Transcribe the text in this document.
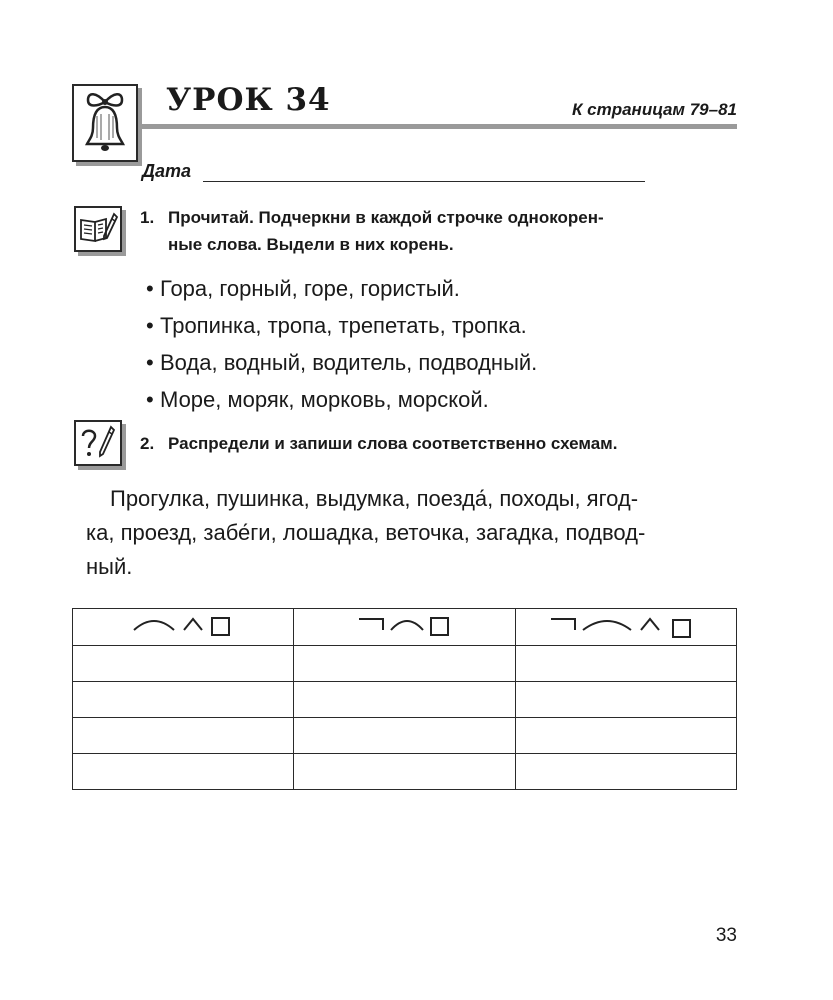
УРОК 34	К страницам 79–81
Дата
1. Прочитай. Подчеркни в каждой строчке однокорен-
ные слова. Выдели в них корень.
• Гора, горный, горе, гористый.
• Тропинка, тропа, трепетать, тропка.
• Вода, водный, водитель, подводный.
• Море, моряк, морковь, морской.
2. Распредели и запиши слова соответственно схемам.
Прогулка, пушинка, выдумка, поезда́, походы, ягод-
ка, проезд, забе́ги, лошадка, веточка, загадка, подвод-
ный.

33
